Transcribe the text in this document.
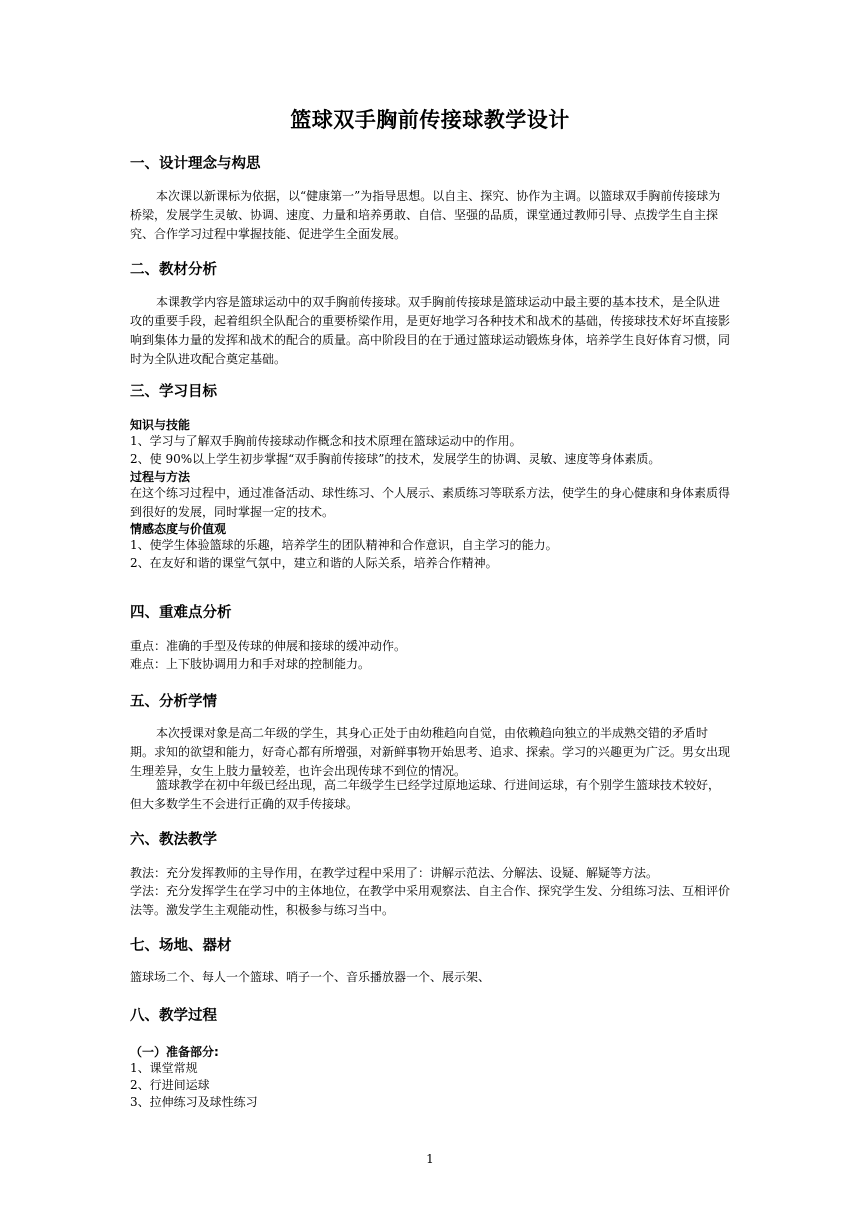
篮球双手胸前传接球教学设计
一、设计理念与构思

本次课以新课标为依据，以“健康第一”为指导思想。以自主、探究、协作为主调。以篮球双手胸前传接球为桥梁，发展学生灵敏、协调、速度、力量和培养勇敢、自信、坚强的品质，课堂通过教师引导、点拨学生自主探究、合作学习过程中掌握技能、促进学生全面发展。

二、教材分析

本课教学内容是篮球运动中的双手胸前传接球。双手胸前传接球是篮球运动中最主要的基本技术，是全队进攻的重要手段，起着组织全队配合的重要桥梁作用，是更好地学习各种技术和战术的基础，传接球技术好坏直接影响到集体力量的发挥和战术的配合的质量。高中阶段目的在于通过篮球运动锻炼身体，培养学生良好体育习惯，同时为全队进攻配合奠定基础。

三、学习目标
知识与技能

1、学习与了解双手胸前传接球动作概念和技术原理在篮球运动中的作用。

2、使 90%以上学生初步掌握“双手胸前传接球”的技术，发展学生的协调、灵敏、速度等身体素质。

过程与方法

在这个练习过程中，通过准备活动、球性练习、个人展示、素质练习等联系方法，使学生的身心健康和身体素质得到很好的发展，同时掌握一定的技术。

情感态度与价值观

1、使学生体验篮球的乐趣，培养学生的团队精神和合作意识，自主学习的能力。

2、在友好和谐的课堂气氛中，建立和谐的人际关系，培养合作精神。

四、重难点分析

重点：准确的手型及传球的伸展和接球的缓冲动作。

难点：上下肢协调用力和手对球的控制能力。

五、分析学情

本次授课对象是高二年级的学生，其身心正处于由幼稚趋向自觉，由依赖趋向独立的半成熟交错的矛盾时期。求知的欲望和能力，好奇心都有所增强，对新鲜事物开始思考、追求、探索。学习的兴趣更为广泛。男女出现生理差异，女生上肢力量较差，也许会出现传球不到位的情况。

篮球教学在初中年级已经出现，高二年级学生已经学过原地运球、行进间运球，有个别学生篮球技术较好，但大多数学生不会进行正确的双手传接球。

六、教法教学

教法：充分发挥教师的主导作用，在教学过程中采用了：讲解示范法、分解法、设疑、解疑等方法。

学法：充分发挥学生在学习中的主体地位，在教学中采用观察法、自主合作、探究学生发、分组练习法、互相评价法等。激发学生主观能动性，积极参与练习当中。

七、场地、器材

篮球场二个、每人一个篮球、哨子一个、音乐播放器一个、展示架、

八、教学过程
（一）准备部分:

1、课堂常规

2、行进间运球

3、拉伸练习及球性练习

1
